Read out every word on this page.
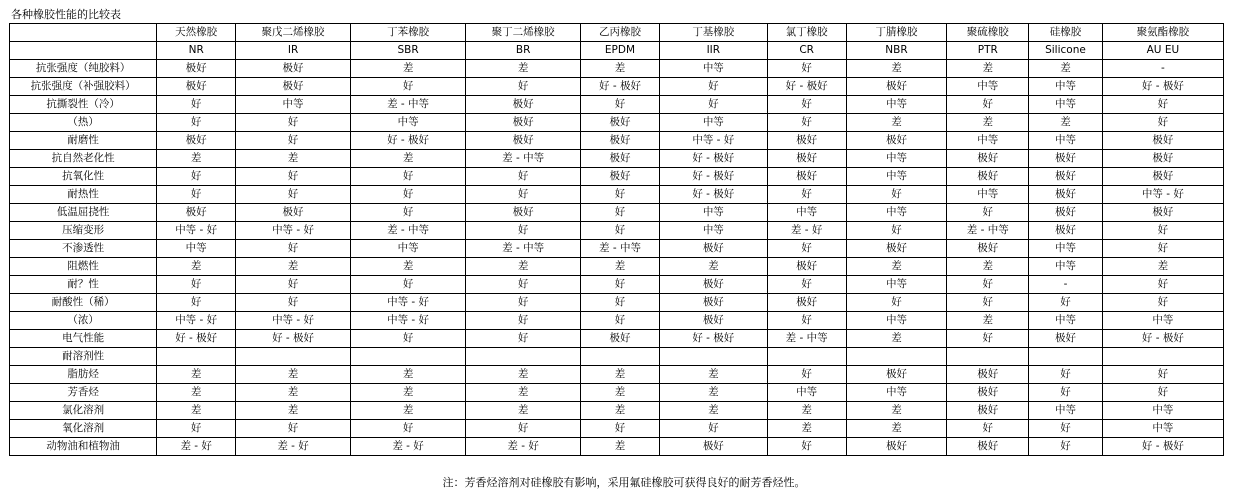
各种橡胶性能的比较表
	天然橡胶	聚戊二烯橡胶	丁苯橡胶	聚丁二烯橡胶	乙丙橡胶	丁基橡胶	氯丁橡胶	丁腈橡胶	聚硫橡胶	硅橡胶	聚氨酯橡胶
	NR	IR	SBR	BR	EPDM	IIR	CR	NBR	PTR	Silicone	AU EU
抗张强度（纯胶料）	极好	极好	差	差	差	中等	好	差	差	差	-
抗张强度（补强胶料）	极好	极好	好	好	好 - 极好	好	好 - 极好	极好	中等	中等	好 - 极好
抗撕裂性（冷）	好	中等	差 - 中等	极好	好	好	好	中等	好	中等	好
（热）	好	好	中等	极好	极好	中等	好	差	差	差	好
耐磨性	极好	好	好 - 极好	极好	极好	中等 - 好	极好	极好	中等	中等	极好
抗自然老化性	差	差	差	差 - 中等	极好	好 - 极好	极好	中等	极好	极好	极好
抗氧化性	好	好	好	好	极好	好 - 极好	极好	中等	极好	极好	极好
耐热性	好	好	好	好	好	好 - 极好	好	好	中等	极好	中等 - 好
低温屈挠性	极好	极好	好	极好	好	中等	中等	中等	好	极好	极好
压缩变形	中等 - 好	中等 - 好	差 - 中等	好	好	中等	差 - 好	好	差 - 中等	极好	好
不渗透性	中等	好	中等	差 - 中等	差 - 中等	极好	好	极好	极好	中等	好
阻燃性	差	差	差	差	差	差	极好	差	差	中等	差
耐？性	好	好	好	好	好	极好	好	中等	好	-	好
耐酸性（稀）	好	好	中等 - 好	好	好	极好	极好	好	好	好	好
（浓）	中等 - 好	中等 - 好	中等 - 好	好	好	极好	好	中等	差	中等	中等
电气性能	好 - 极好	好 - 极好	好	好	极好	好 - 极好	差 - 中等	差	好	极好	好 - 极好
耐溶剂性											
脂肪烃	差	差	差	差	差	差	好	极好	极好	好	好
芳香烃	差	差	差	差	差	差	中等	中等	极好	好	好
氯化溶剂	差	差	差	差	差	差	差	差	极好	中等	中等
氧化溶剂	好	好	好	好	好	好	差	差	好	好	中等
动物油和植物油	差 - 好	差 - 好	差 - 好	差 - 好	差	极好	好	极好	极好	好	好 - 极好
注：芳香烃溶剂对硅橡胶有影响，采用氟硅橡胶可获得良好的耐芳香烃性。
